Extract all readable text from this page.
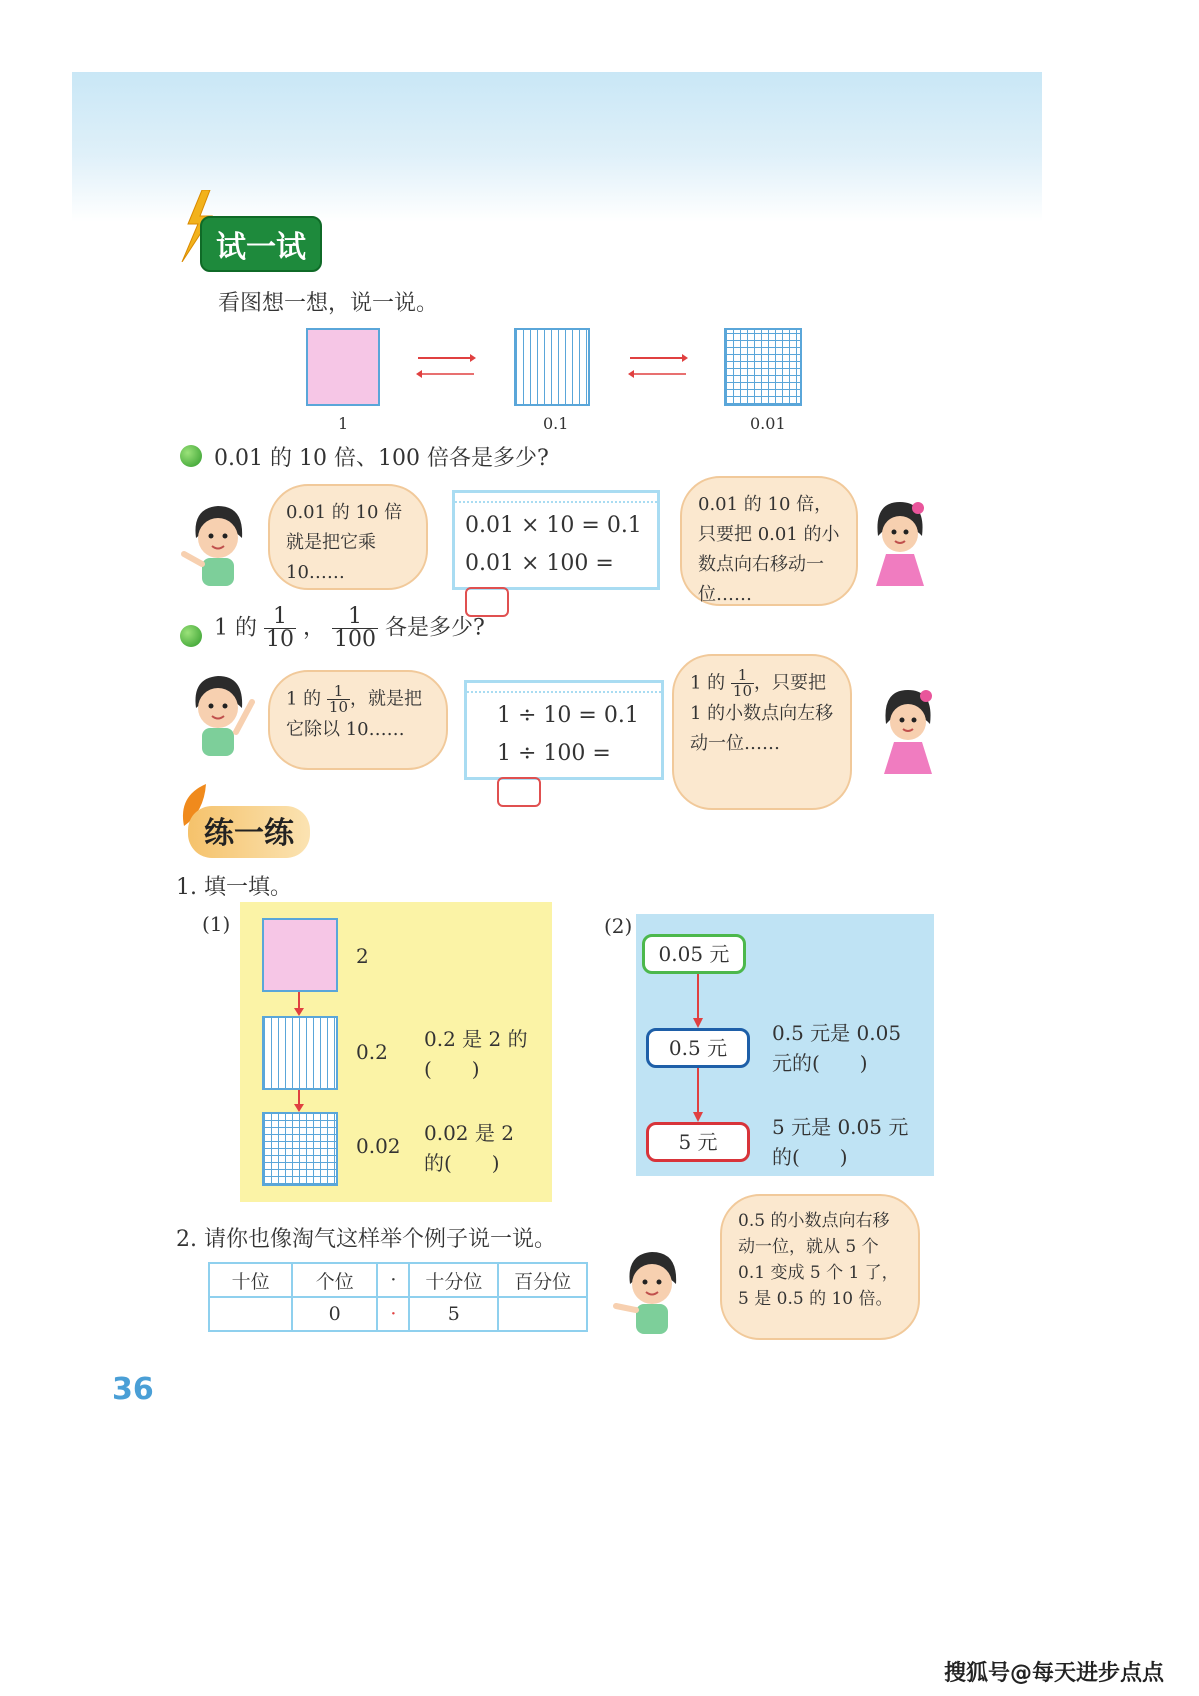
试一试
看图想一想，说一说。
1	0.1	0.01
0.01 的 10 倍、100 倍各是多少?
0.01 的 10 倍就是把它乘 10……
0.01 × 10 = 0.1
0.01 × 100 =
0.01 的 10 倍，只要把 0.01 的小数点向右移动一位……
1 的 $\frac{1}{10}$ ， $\frac{1}{100}$ 各是多少?
1 的 $\frac{1}{10}$ ，就是把它除以 10……
1 ÷ 10 = 0.1
1 ÷ 100 =
1 的 $\frac{1}{10}$ ，只要把 1 的小数点向左移动一位……
练一练
1. 填一填。
(1)
2
0.2
0.02
0.2 是 2 的(　　)
0.02 是 2 的(　　)
(2)
0.05 元
0.5 元
5 元
0.5 元是 0.05 元的(　　)
5 元是 0.05 元的(　　)
2. 请你也像淘气这样举个例子说一说。
十位	个位	·	十分位	百分位
	0	·	5	
0.5 的小数点向右移动一位，就从 5 个 0.1 变成 5 个 1 了，5 是 0.5 的 10 倍。
36
搜狐号@每天进步点点
